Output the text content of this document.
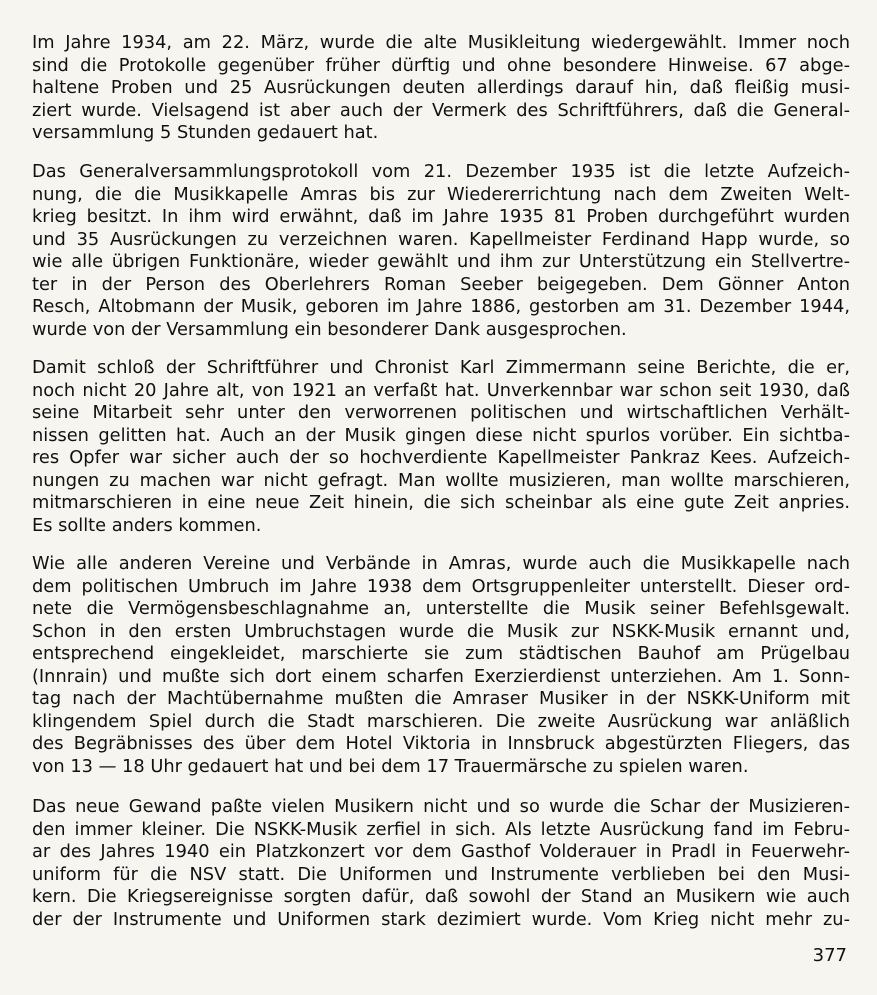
Im Jahre 1934, am 22. März, wurde die alte Musikleitung wiedergewählt. Immer noch
sind die Protokolle gegenüber früher dürftig und ohne besondere Hinweise. 67 abge-
haltene Proben und 25 Ausrückungen deuten allerdings darauf hin, daß fleißig musi-
ziert wurde. Vielsagend ist aber auch der Vermerk des Schriftführers, daß die General-
versammlung 5 Stunden gedauert hat.
Das Generalversammlungsprotokoll vom 21. Dezember 1935 ist die letzte Aufzeich-
nung, die die Musikkapelle Amras bis zur Wiedererrichtung nach dem Zweiten Welt-
krieg besitzt. In ihm wird erwähnt, daß im Jahre 1935 81 Proben durchgeführt wurden
und 35 Ausrückungen zu verzeichnen waren. Kapellmeister Ferdinand Happ wurde, so
wie alle übrigen Funktionäre, wieder gewählt und ihm zur Unterstützung ein Stellvertre-
ter in der Person des Oberlehrers Roman Seeber beigegeben. Dem Gönner Anton
Resch, Altobmann der Musik, geboren im Jahre 1886, gestorben am 31. Dezember 1944,
wurde von der Versammlung ein besonderer Dank ausgesprochen.
Damit schloß der Schriftführer und Chronist Karl Zimmermann seine Berichte, die er,
noch nicht 20 Jahre alt, von 1921 an verfaßt hat. Unverkennbar war schon seit 1930, daß
seine Mitarbeit sehr unter den verworrenen politischen und wirtschaftlichen Verhält-
nissen gelitten hat. Auch an der Musik gingen diese nicht spurlos vorüber. Ein sichtba-
res Opfer war sicher auch der so hochverdiente Kapellmeister Pankraz Kees. Aufzeich-
nungen zu machen war nicht gefragt. Man wollte musizieren, man wollte marschieren,
mitmarschieren in eine neue Zeit hinein, die sich scheinbar als eine gute Zeit anpries.
Es sollte anders kommen.
Wie alle anderen Vereine und Verbände in Amras, wurde auch die Musikkapelle nach
dem politischen Umbruch im Jahre 1938 dem Ortsgruppenleiter unterstellt. Dieser ord-
nete die Vermögensbeschlagnahme an, unterstellte die Musik seiner Befehlsgewalt.
Schon in den ersten Umbruchstagen wurde die Musik zur NSKK-Musik ernannt und,
entsprechend eingekleidet, marschierte sie zum städtischen Bauhof am Prügelbau
(Innrain) und mußte sich dort einem scharfen Exerzierdienst unterziehen. Am 1. Sonn-
tag nach der Machtübernahme mußten die Amraser Musiker in der NSKK-Uniform mit
klingendem Spiel durch die Stadt marschieren. Die zweite Ausrückung war anläßlich
des Begräbnisses des über dem Hotel Viktoria in Innsbruck abgestürzten Fliegers, das
von 13 — 18 Uhr gedauert hat und bei dem 17 Trauermärsche zu spielen waren.
Das neue Gewand paßte vielen Musikern nicht und so wurde die Schar der Musizieren-
den immer kleiner. Die NSKK-Musik zerfiel in sich. Als letzte Ausrückung fand im Febru-
ar des Jahres 1940 ein Platzkonzert vor dem Gasthof Volderauer in Pradl in Feuerwehr-
uniform für die NSV statt. Die Uniformen und Instrumente verblieben bei den Musi-
kern. Die Kriegsereignisse sorgten dafür, daß sowohl der Stand an Musikern wie auch
der der Instrumente und Uniformen stark dezimiert wurde. Vom Krieg nicht mehr zu-
377
